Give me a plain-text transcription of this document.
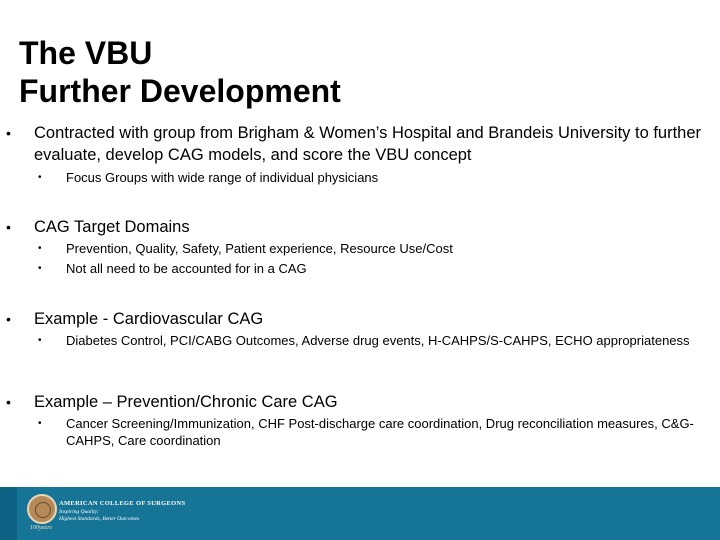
The VBU
Further Development
• Contracted with group from Brigham & Women’s Hospital and Brandeis University to further evaluate, develop CAG models, and score the VBU concept
• Focus Groups with wide range of individual physicians
• CAG Target Domains
• Prevention, Quality, Safety, Patient experience, Resource Use/Cost
• Not all need to be accounted for in a CAG
• Example - Cardiovascular CAG
• Diabetes Control, PCI/CABG Outcomes, Adverse drug events, H-CAHPS/S-CAHPS, ECHO appropriateness
• Example – Prevention/Chronic Care CAG
• Cancer Screening/Immunization, CHF Post-discharge care coordination, Drug reconciliation measures, C&G-CAHPS, Care coordination
AMERICAN COLLEGE OF SURGEONS
Inspiring Quality:
Highest Standards, Better Outcomes
100years
